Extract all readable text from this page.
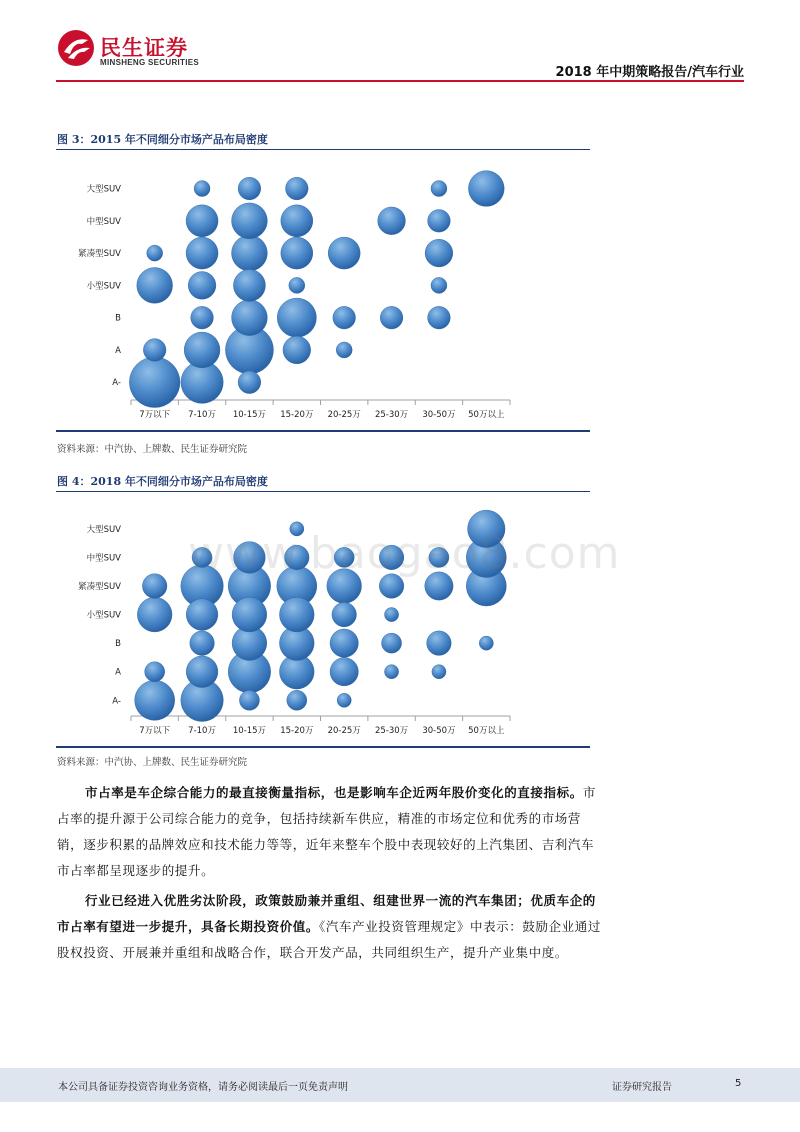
民生证券
MINSHENG SECURITIES
2018 年中期策略报告/汽车行业
图 3：2015 年不同细分市场产品布局密度
7万以下 7-10万 10-15万 15-20万 20-25万 25-30万 30-50万 50万以上
A-
A
B
小型SUV
紧凑型SUV
中型SUV
大型SUV
资料来源：中汽协、上牌数、民生证券研究院
图 4：2018 年不同细分市场产品布局密度
7万以下 7-10万 10-15万 15-20万 20-25万 25-30万 30-50万 50万以上
A-
A
B
小型SUV
紧凑型SUV
中型SUV
大型SUV
资料来源：中汽协、上牌数、民生证券研究院
www.baogao8.com
市占率是车企综合能力的最直接衡量指标，也是影响车企近两年股价变化的直接指标。市占率的提升源于公司综合能力的竞争，包括持续新车供应，精准的市场定位和优秀的市场营销，逐步积累的品牌效应和技术能力等等，近年来整车个股中表现较好的上汽集团、吉利汽车市占率都呈现逐步的提升。
行业已经进入优胜劣汰阶段，政策鼓励兼并重组、组建世界一流的汽车集团；优质车企的市占率有望进一步提升，具备长期投资价值。《汽车产业投资管理规定》中表示：鼓励企业通过股权投资、开展兼并重组和战略合作，联合开发产品，共同组织生产，提升产业集中度。
本公司具备证券投资咨询业务资格，请务必阅读最后一页免责声明	证券研究报告	5
